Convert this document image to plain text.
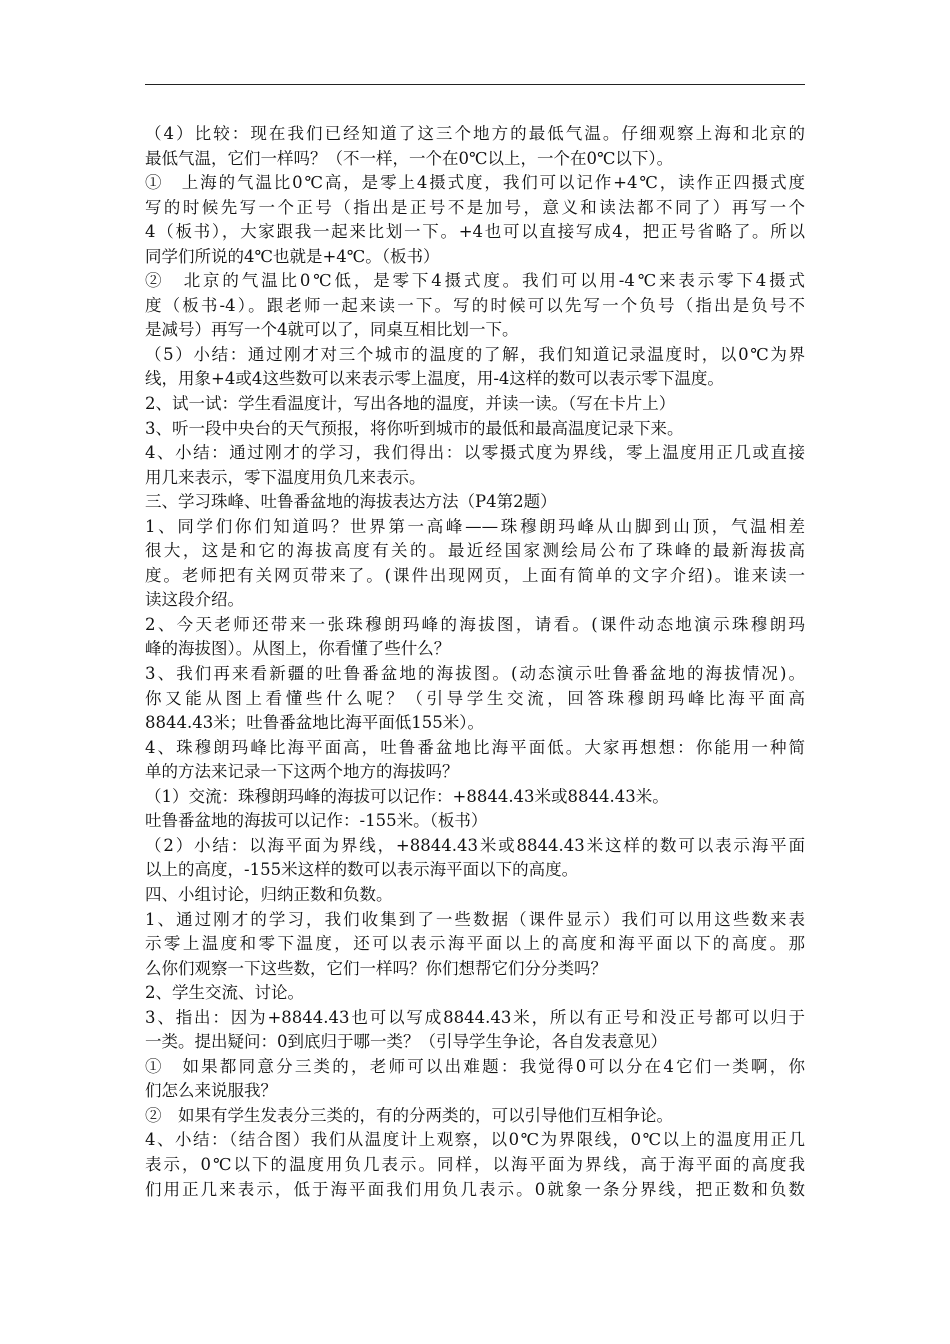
（4）比较：现在我们已经知道了这三个地方的最低气温。仔细观察上海和北京的
最低气温，它们一样吗？（不一样，一个在0℃以上，一个在0℃以下）。
①　上海的气温比0℃高，是零上4摄式度，我们可以记作+4℃，读作正四摄式度
写的时候先写一个正号（指出是正号不是加号，意义和读法都不同了）再写一个
4（板书），大家跟我一起来比划一下。+4也可以直接写成4，把正号省略了。所以
同学们所说的4℃也就是+4℃。（板书）
②　北京的气温比0℃低，是零下4摄式度。我们可以用-4℃来表示零下4摄式
度（板书-4）。跟老师一起来读一下。写的时候可以先写一个负号（指出是负号不
是减号）再写一个4就可以了，同桌互相比划一下。
（5）小结：通过刚才对三个城市的温度的了解，我们知道记录温度时，以0℃为界
线，用象+4或4这些数可以来表示零上温度，用-4这样的数可以表示零下温度。
2、试一试：学生看温度计，写出各地的温度，并读一读。（写在卡片上）
3、听一段中央台的天气预报，将你听到城市的最低和最高温度记录下来。
4、小结：通过刚才的学习，我们得出：以零摄式度为界线，零上温度用正几或直接
用几来表示，零下温度用负几来表示。
三、学习珠峰、吐鲁番盆地的海拔表达方法（P4第2题）
1、同学们你们知道吗？世界第一高峰——珠穆朗玛峰从山脚到山顶，气温相差
很大，这是和它的海拔高度有关的。最近经国家测绘局公布了珠峰的最新海拔高
度。老师把有关网页带来了。(课件出现网页，上面有简单的文字介绍)。谁来读一
读这段介绍。
2、今天老师还带来一张珠穆朗玛峰的海拔图，请看。(课件动态地演示珠穆朗玛
峰的海拔图）。从图上，你看懂了些什么？
3、我们再来看新疆的吐鲁番盆地的海拔图。(动态演示吐鲁番盆地的海拔情况)。
你又能从图上看懂些什么呢？（引导学生交流，回答珠穆朗玛峰比海平面高
8844.43米；吐鲁番盆地比海平面低155米）。
4、珠穆朗玛峰比海平面高，吐鲁番盆地比海平面低。大家再想想：你能用一种简
单的方法来记录一下这两个地方的海拔吗？
（1）交流：珠穆朗玛峰的海拔可以记作：+8844.43米或8844.43米。
吐鲁番盆地的海拔可以记作：-155米。（板书）
（2）小结：以海平面为界线，+8844.43米或8844.43米这样的数可以表示海平面
以上的高度，-155米这样的数可以表示海平面以下的高度。
四、小组讨论，归纳正数和负数。
1、通过刚才的学习，我们收集到了一些数据（课件显示）我们可以用这些数来表
示零上温度和零下温度，还可以表示海平面以上的高度和海平面以下的高度。那
么你们观察一下这些数，它们一样吗？你们想帮它们分分类吗？
2、学生交流、讨论。
3、指出：因为+8844.43也可以写成8844.43米，所以有正号和没正号都可以归于
一类。提出疑问：0到底归于哪一类？（引导学生争论，各自发表意见）
①　如果都同意分三类的，老师可以出难题：我觉得0可以分在4它们一类啊，你
们怎么来说服我？
②　如果有学生发表分三类的，有的分两类的，可以引导他们互相争论。
4、小结：（结合图）我们从温度计上观察，以0℃为界限线，0℃以上的温度用正几
表示，0℃以下的温度用负几表示。同样，以海平面为界线，高于海平面的高度我
们用正几来表示，低于海平面我们用负几表示。0就象一条分界线，把正数和负数
